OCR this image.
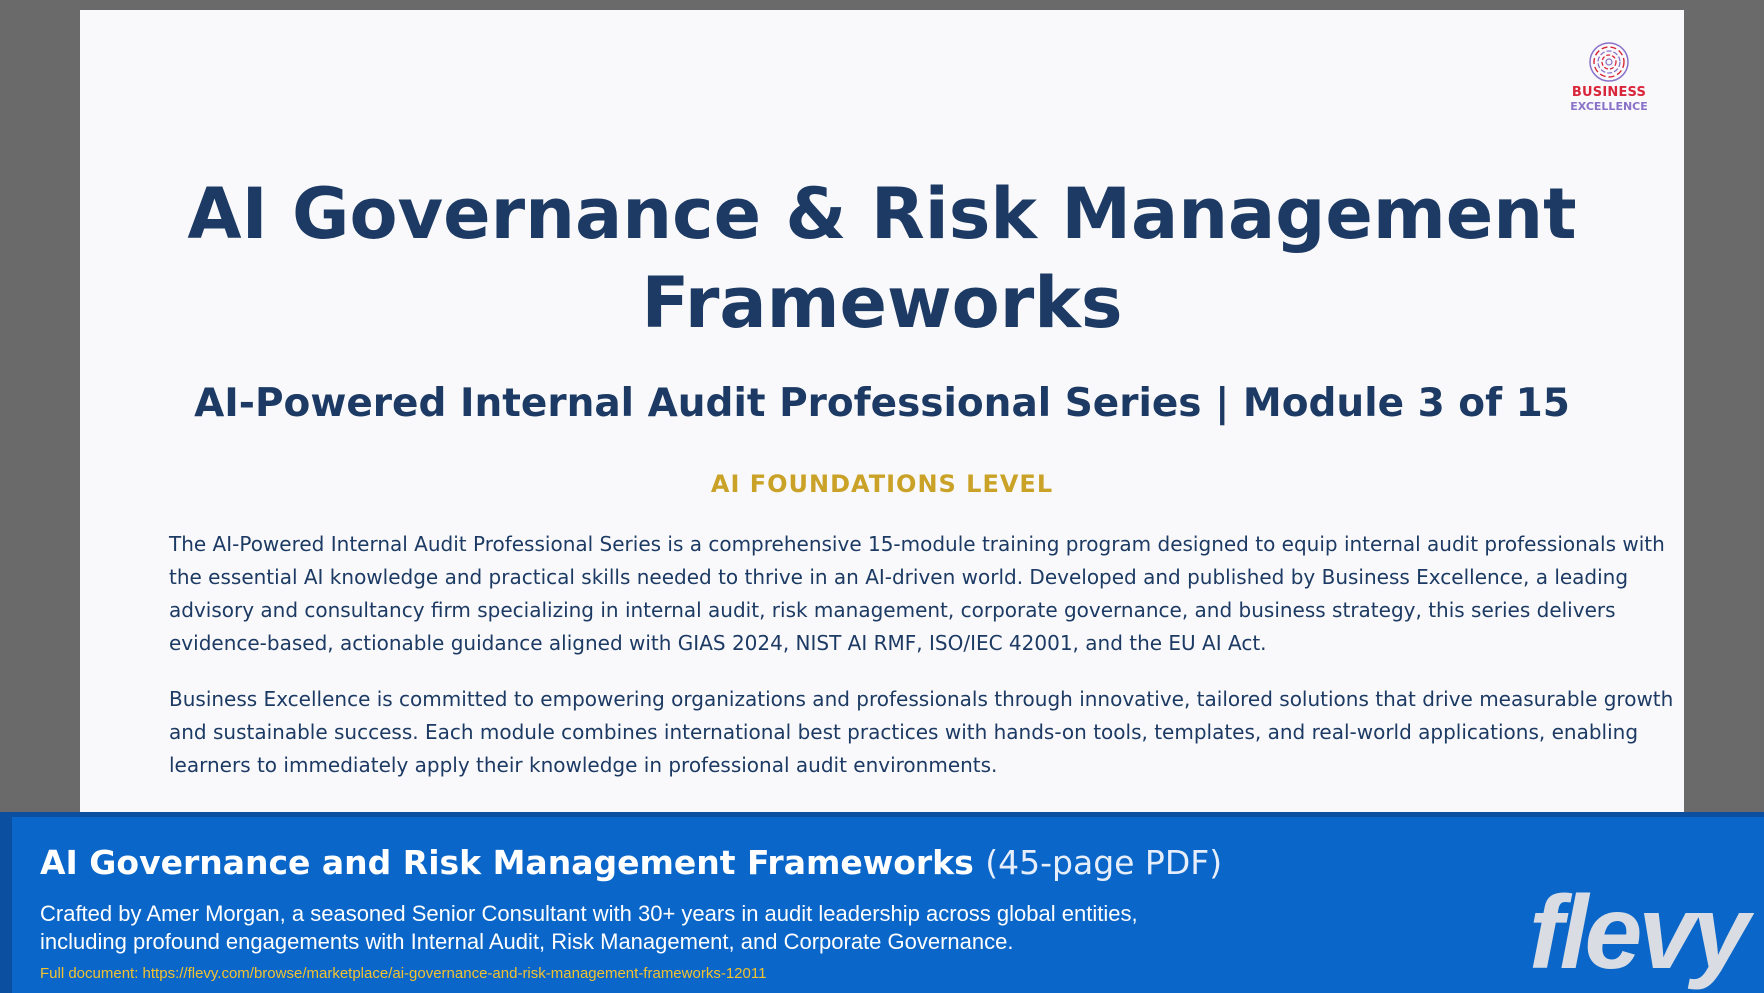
BUSINESS
EXCELLENCE
AI Governance & Risk Management
Frameworks
AI-Powered Internal Audit Professional Series | Module 3 of 15
AI FOUNDATIONS LEVEL

The AI-Powered Internal Audit Professional Series is a comprehensive 15-module training program designed to equip internal audit professionals with the essential AI knowledge and practical skills needed to thrive in an AI-driven world. Developed and published by Business Excellence, a leading advisory and consultancy firm specializing in internal audit, risk management, corporate governance, and business strategy, this series delivers evidence-based, actionable guidance aligned with GIAS 2024, NIST AI RMF, ISO/IEC 42001, and the EU AI Act.

Business Excellence is committed to empowering organizations and professionals through innovative, tailored solutions that drive measurable growth and sustainable success. Each module combines international best practices with hands-on tools, templates, and real-world applications, enabling learners to immediately apply their knowledge in professional audit environments.

AI Governance and Risk Management Frameworks (45-page PDF)

Crafted by Amer Morgan, a seasoned Senior Consultant with 30+ years in audit leadership across global entities, including profound engagements with Internal Audit, Risk Management, and Corporate Governance.

Full document: https://flevy.com/browse/marketplace/ai-governance-and-risk-management-frameworks-12011	flevy
